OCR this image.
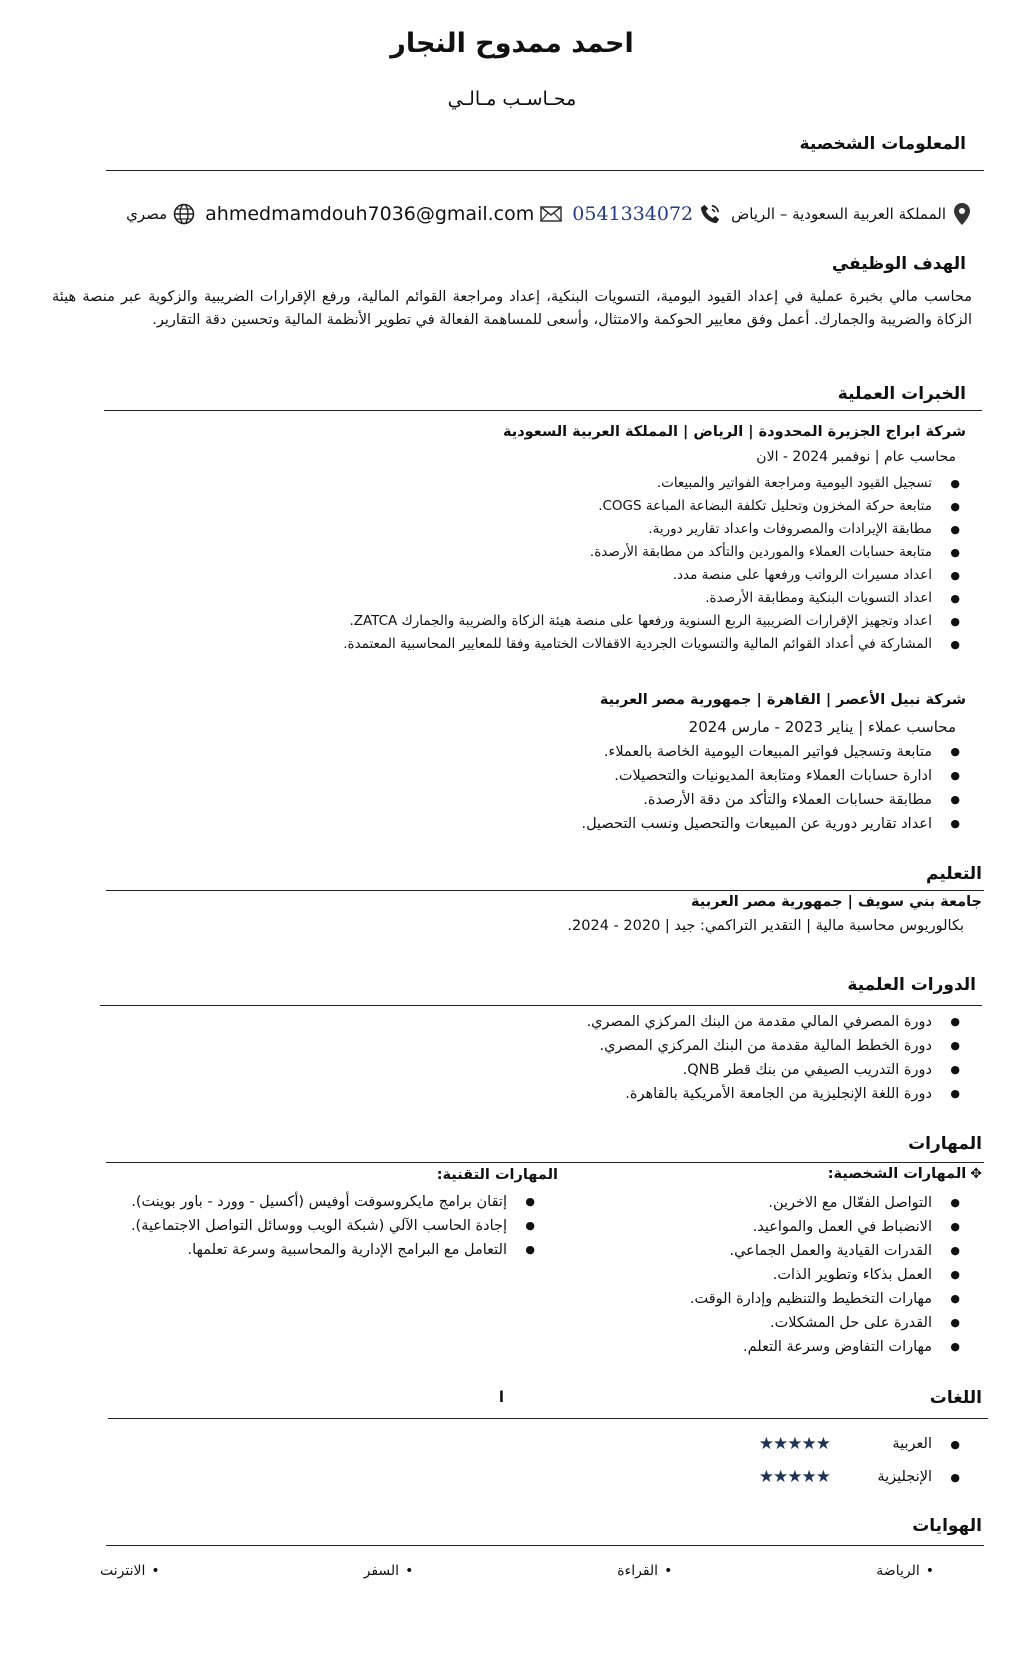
احمد ممدوح النجار
محـاسـب مـالـي
المعلومات الشخصية
المملكة العربية السعودية – الرياض
0541334072
ahmedmamdouh7036@gmail.com
مصري
الهدف الوظيفي
محاسب مالي بخبرة عملية في إعداد القيود اليومية، التسويات البنكية، إعداد ومراجعة القوائم المالية، ورفع الإقرارات الضريبية والزكوية عبر منصة هيئة الزكاة والضريبة والجمارك. أعمل وفق معايير الحوكمة والامتثال، وأسعى للمساهمة الفعالة في تطوير الأنظمة المالية وتحسين دقة التقارير.
الخبرات العملية
شركة ابراج الجزيرة المحدودة | الرياض | المملكة العربية السعودية
محاسب عام | نوفمبر 2024 - الان
● تسجيل القيود اليومية ومراجعة الفواتير والمبيعات.
● متابعة حركة المخزون وتحليل تكلفة البضاعة المباعة COGS.
● مطابقة الإيرادات والمصروفات واعداد تقارير دورية.
● متابعة حسابات العملاء والموردين والتأكد من مطابقة الأرصدة.
● اعداد مسيرات الرواتب ورفعها على منصة مدد.
● اعداد التسويات البنكية ومطابقة الأرصدة.
● اعداد وتجهيز الإقرارات الضريبية الربع السنوية ورفعها على منصة هيئة الزكاة والضريبة والجمارك ZATCA.
● المشاركة في أعداد القوائم المالية والتسويات الجردية الاقفالات الختامية وفقا للمعايير المحاسبية المعتمدة.
شركة نبيل الأعصر | القاهرة | جمهورية مصر العربية
محاسب عملاء | يناير 2023 - مارس 2024
● متابعة وتسجيل فواتير المبيعات اليومية الخاصة بالعملاء.
● ادارة حسابات العملاء ومتابعة المديونيات والتحصيلات.
● مطابقة حسابات العملاء والتأكد من دقة الأرصدة.
● اعداد تقارير دورية عن المبيعات والتحصيل ونسب التحصيل.
التعليم
جامعة بني سويف | جمهورية مصر العربية
بكالوريوس محاسبة مالية | التقدير التراكمي: جيد | 2020 - 2024.
الدورات العلمية
● دورة المصرفي المالي مقدمة من البنك المركزي المصري.
● دورة الخطط المالية مقدمة من البنك المركزي المصري.
● دورة التدريب الصيفي من بنك قطر QNB.
● دورة اللغة الإنجليزية من الجامعة الأمريكية بالقاهرة.
المهارات
✥
المهارات الشخصية:
● التواصل الفعّال مع الاخرين.
● الانضباط في العمل والمواعيد.
● القدرات القيادية والعمل الجماعي.
● العمل بذكاء وتطوير الذات.
● مهارات التخطيط والتنظيم وإدارة الوقت.
● القدرة على حل المشكلات.
● مهارات التفاوض وسرعة التعلم.
المهارات التقنية:
● إتقان برامج مايكروسوفت أوفيس (أكسيل - وورد - باور بوينت).
● إجادة الحاسب الآلي (شبكة الويب ووسائل التواصل الاجتماعية).
● التعامل مع البرامج الإدارية والمحاسبية وسرعة تعلمها.
اللغات
ا
● العربية
★★★★★
● الإنجليزية
★★★★★
الهوايات
•
الرياضة
•
القراءة
•
السفر
•
الانترنت
